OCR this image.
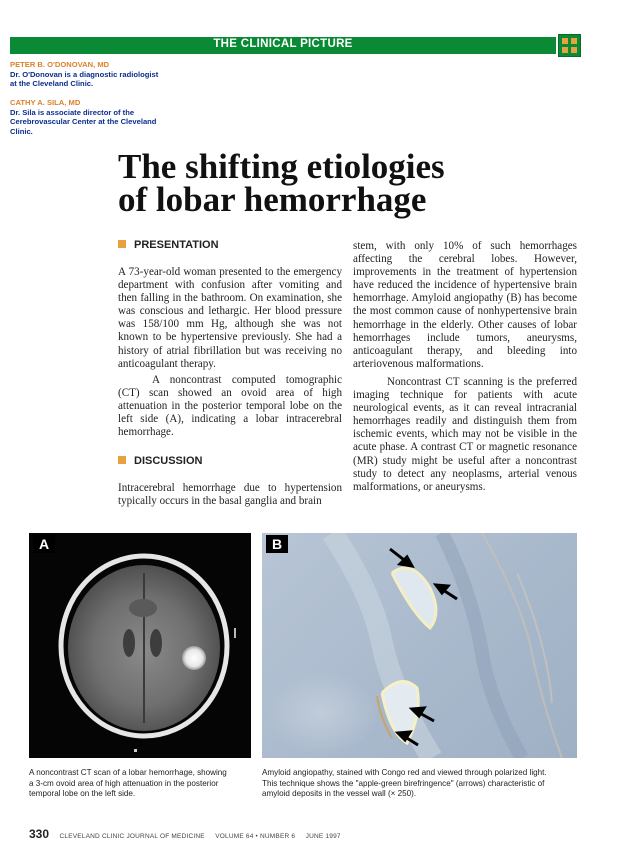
THE CLINICAL PICTURE
PETER B. O'DONOVAN, MD
Dr. O'Donovan is a diagnostic radiologist
at the Cleveland Clinic.
CATHY A. SILA, MD
Dr. Sila is associate director of the
Cerebrovascular Center at the Cleveland
Clinic.
The shifting etiologies
of lobar hemorrhage
PRESENTATION
A 73-year-old woman presented to the emergency department with confusion after vomiting and then falling in the bathroom. On examination, she was conscious and lethargic. Her blood pressure was 158/100 mm Hg, although she was not known to be hypertensive previously. She had a history of atrial fibrillation but was receiving no anticoagulant therapy.
A noncontrast computed tomographic (CT) scan showed an ovoid area of high attenuation in the posterior temporal lobe on the left side (A), indicating a lobar intracerebral hemorrhage.
DISCUSSION
Intracerebral hemorrhage due to hypertension typically occurs in the basal ganglia and brain
stem, with only 10% of such hemorrhages affecting the cerebral lobes. However, improvements in the treatment of hypertension have reduced the incidence of hypertensive brain hemorrhage. Amyloid angiopathy (B) has become the most common cause of nonhypertensive brain hemorrhage in the elderly. Other causes of lobar hemorrhages include tumors, aneurysms, anticoagulant therapy, and bleeding into arteriovenous malformations.
Noncontrast CT scanning is the preferred imaging technique for patients with acute neurological events, as it can reveal intracranial hemorrhages readily and distinguish them from ischemic events, which may not be visible in the acute phase. A contrast CT or magnetic resonance (MR) study might be useful after a noncontrast study to detect any neoplasms, arterial venous malformations, or aneurysms.
A	B
A noncontrast CT scan of a lobar hemorrhage, showing
a 3-cm ovoid area of high attenuation in the posterior
temporal lobe on the left side.
Amyloid angiopathy, stained with Congo red and viewed through polarized light.
This technique shows the "apple-green birefringence" (arrows) characteristic of
amyloid deposits in the vessel wall (× 250).
330 CLEVELAND CLINIC JOURNAL OF MEDICINE VOLUME 64 • NUMBER 6 JUNE 1997
